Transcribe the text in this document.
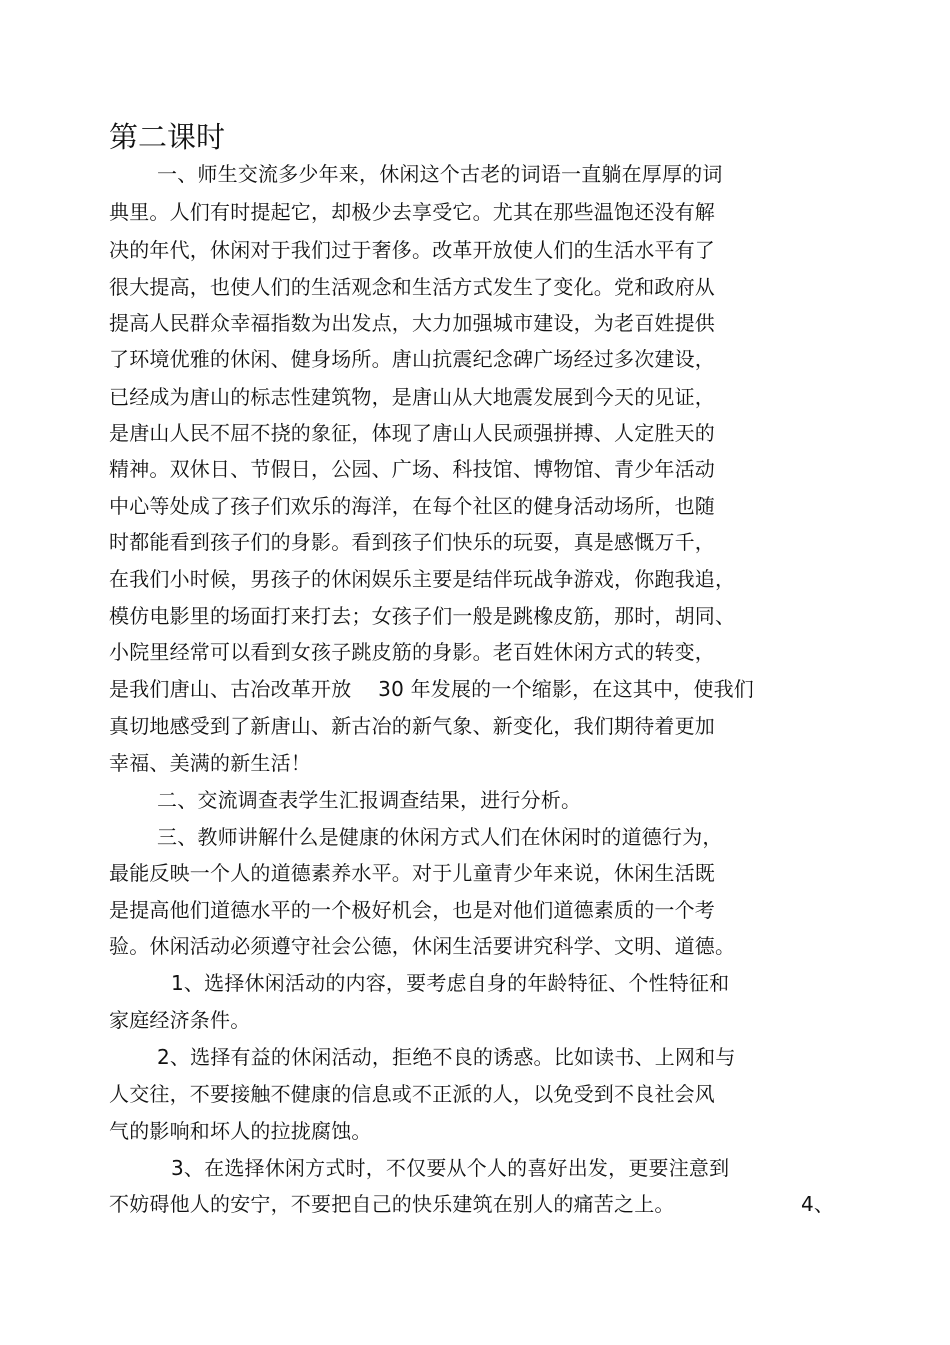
第二课时
一、师生交流多少年来，休闲这个古老的词语一直躺在厚厚的词
典里。人们有时提起它，却极少去享受它。尤其在那些温饱还没有解
决的年代，休闲对于我们过于奢侈。改革开放使人们的生活水平有了
很大提高，也使人们的生活观念和生活方式发生了变化。党和政府从
提高人民群众幸福指数为出发点，大力加强城市建设，为老百姓提供
了环境优雅的休闲、健身场所。唐山抗震纪念碑广场经过多次建设，
已经成为唐山的标志性建筑物，是唐山从大地震发展到今天的见证，
是唐山人民不屈不挠的象征，体现了唐山人民顽强拼搏、人定胜天的
精神。双休日、节假日，公园、广场、科技馆、博物馆、青少年活动
中心等处成了孩子们欢乐的海洋，在每个社区的健身活动场所，也随
时都能看到孩子们的身影。看到孩子们快乐的玩耍，真是感慨万千，
在我们小时候，男孩子的休闲娱乐主要是结伴玩战争游戏，你跑我追，
模仿电影里的场面打来打去；女孩子们一般是跳橡皮筋，那时，胡同、
小院里经常可以看到女孩子跳皮筋的身影。老百姓休闲方式的转变，
是我们唐山、古冶改革开放　 30 年发展的一个缩影，在这其中，使我们
真切地感受到了新唐山、新古冶的新气象、新变化，我们期待着更加
幸福、美满的新生活！
二、交流调查表学生汇报调查结果，进行分析。
三、教师讲解什么是健康的休闲方式人们在休闲时的道德行为，
最能反映一个人的道德素养水平。对于儿童青少年来说，休闲生活既
是提高他们道德水平的一个极好机会，也是对他们道德素质的一个考
验。休闲活动必须遵守社会公德，休闲生活要讲究科学、文明、道德。
1、选择休闲活动的内容，要考虑自身的年龄特征、个性特征和
家庭经济条件。
2、选择有益的休闲活动，拒绝不良的诱惑。比如读书、上网和与
人交往，不要接触不健康的信息或不正派的人，以免受到不良社会风
气的影响和坏人的拉拢腐蚀。
3、在选择休闲方式时，不仅要从个人的喜好出发，更要注意到
不妨碍他人的安宁，不要把自己的快乐建筑在别人的痛苦之上。	4、
